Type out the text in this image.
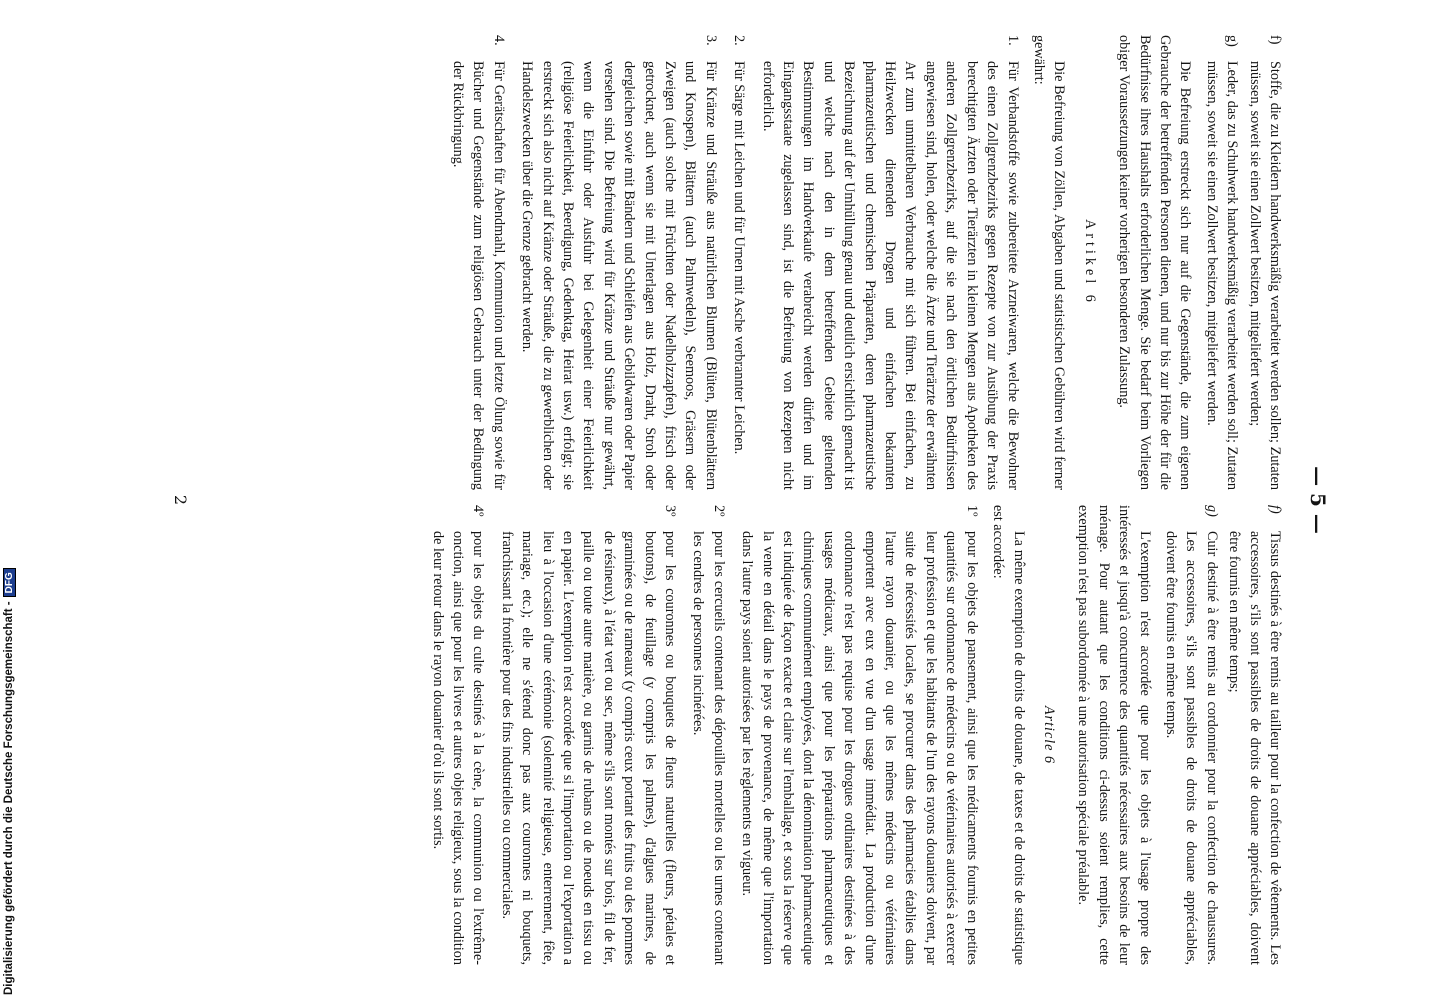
— 5 —
f)
Stoffe, die zu Kleidern handwerksmäßig verarbeitet werden sollen; Zutaten müssen, soweit sie einen Zollwert besitzen, mitgeliefert werden;
g)
Leder, das zu Schuhwerk handwerksmäßig verarbeitet werden soll; Zutaten müssen, soweit sie einen Zollwert besitzen, mitgeliefert werden.

Die Befreiung erstreckt sich nur auf die Gegenstände, die zum eigenen Gebrauche der betreffenden Personen dienen, und nur bis zur Höhe der für die Bedürfnisse ihres Haushalts erforderlichen Menge. Sie bedarf beim Vorliegen obiger Voraussetzungen keiner vorherigen besonderen Zulassung.

Artikel 6

Die Befreiung von Zöllen, Abgaben und statistischen Gebühren wird ferner gewährt:

1.
Für Verbandstoffe sowie zubereitete Arzneiwaren, welche die Bewohner des einen Zollgrenzbezirks gegen Rezepte von zur Ausübung der Praxis berechtigten Ärzten oder Tierärzten in kleinen Mengen aus Apotheken des anderen Zollgrenzbezirks, auf die sie nach den örtlichen Bedürfnissen angewiesen sind, holen, oder welche die Ärzte und Tierärzte der erwähnten Art zum unmittelbaren Verbrauche mit sich führen. Bei einfachen, zu Heilzwecken dienenden Drogen und einfachen bekannten pharmazeutischen und chemischen Präparaten, deren pharmazeutische Bezeichnung auf der Umhüllung genau und deutlich ersichtlich gemacht ist und welche nach den in dem betreffenden Gebiete geltenden Bestimmungen im Handverkaufe verabreicht werden dürfen und im Eingangsstaate zugelassen sind, ist die Befreiung von Rezepten nicht erforderlich.
2.
Für Särge mit Leichen und für Urnen mit Asche verbrannter Leichen.
3.
Für Kränze und Sträuße aus natürlichen Blumen (Blüten, Blütenblättern und Knospen), Blättern (auch Palmwedeln), Seemoos, Gräsern oder Zweigen (auch solche mit Früchten oder Nadelholzzapfen), frisch oder getrocknet, auch wenn sie mit Unterlagen aus Holz, Draht, Stroh oder dergleichen sowie mit Bändern und Schleifen aus Gebildwaren oder Papier versehen sind. Die Befreiung wird für Kränze und Sträuße nur gewährt, wenn die Einfuhr oder Ausfuhr bei Gelegenheit einer Feierlichkeit (religiöse Feierlichkeit, Beerdigung, Gedenktag, Heirat usw.) erfolgt; sie erstreckt sich also nicht auf Kränze oder Sträuße, die zu gewerblichen oder Handelszwecken über die Grenze gebracht werden.
4.
Für Gerätschaften für Abendmahl, Kommunion und letzte Ölung sowie für Bücher und Gegenstände zum religiösen Gebrauch unter der Bedingung der Rückbringung.
f)
Tissus destinés à être remis au tailleur pour la confection de vêtements. Les accessoires, s'ils sont passibles de droits de douane appréciables, doivent être fournis en même temps;
g)
Cuir destiné à être remis au cordonnier pour la confection de chaussures. Les accessoires, s'ils sont passibles de droits de douane appréciables, doivent être fournis en même temps.

L'exemption n'est accordée que pour les objets à l'usage propre des intéressés et jusqu'à concurrence des quantités nécessaires aux besoins de leur ménage. Pour autant que les conditions ci-dessus soient remplies, cette exemption n'est pas subordonnée à une autorisation spéciale préalable.

Article 6

La même exemption de droits de douane, de taxes et de droits de statistique est accordée:

1º
pour les objets de pansement, ainsi que les médicaments fournis en petites quantités sur ordonnance de médecins ou de vétérinaires autorisés à exercer leur profession et que les habitants de l'un des rayons douaniers doivent, par suite de nécessités locales, se procurer dans des pharmacies établies dans l'autre rayon douanier, ou que les mêmes médecins ou vétérinaires emportent avec eux en vue d'un usage immédiat. La production d'une ordonnance n'est pas requise pour les drogues ordinaires destinées à des usages médicaux, ainsi que pour les préparations pharmaceutiques et chimiques communément employées, dont la dénomination pharmaceutique est indiquée de façon exacte et claire sur l'emballage, et sous la réserve que la vente en détail dans le pays de provenance, de même que l'importation dans l'autre pays soient autorisées par les règlements en vigueur.
2º
pour les cercueils contenant des dépouilles mortelles ou les urnes contenant les cendres de personnes incinérées.
3º
pour les couronnes ou bouquets de fleurs naturelles (fleurs, pétales et boutons), de feuillage (y compris les palmes), d'algues marines, de graminées ou de rameaux (y compris ceux portant des fruits ou des pommes de résineux), à l'état vert ou sec, même s'ils sont montés sur bois, fil de fer, paille ou toute autre matière, ou garnis de rubans ou de noeuds en tissu ou en papier. L'exemption n'est accordée que si l'importation ou l'exportation a lieu à l'occasion d'une cérémonie (solennité religieuse, enterrement, fête, mariage, etc.); elle ne s'étend donc pas aux couronnes ni bouquets, franchissant la frontière pour des fins industrielles ou commerciales.
4º
pour les objets du culte destinés à la cène, la communion ou l'extrême-onction, ainsi que pour les livres et autres objets religieux, sous la condition de leur retour dans le rayon douanier d'où ils sont sortis.
2
Digitalisierung gefördert durch die Deutsche Forschungsgemeinschaft -DFG
